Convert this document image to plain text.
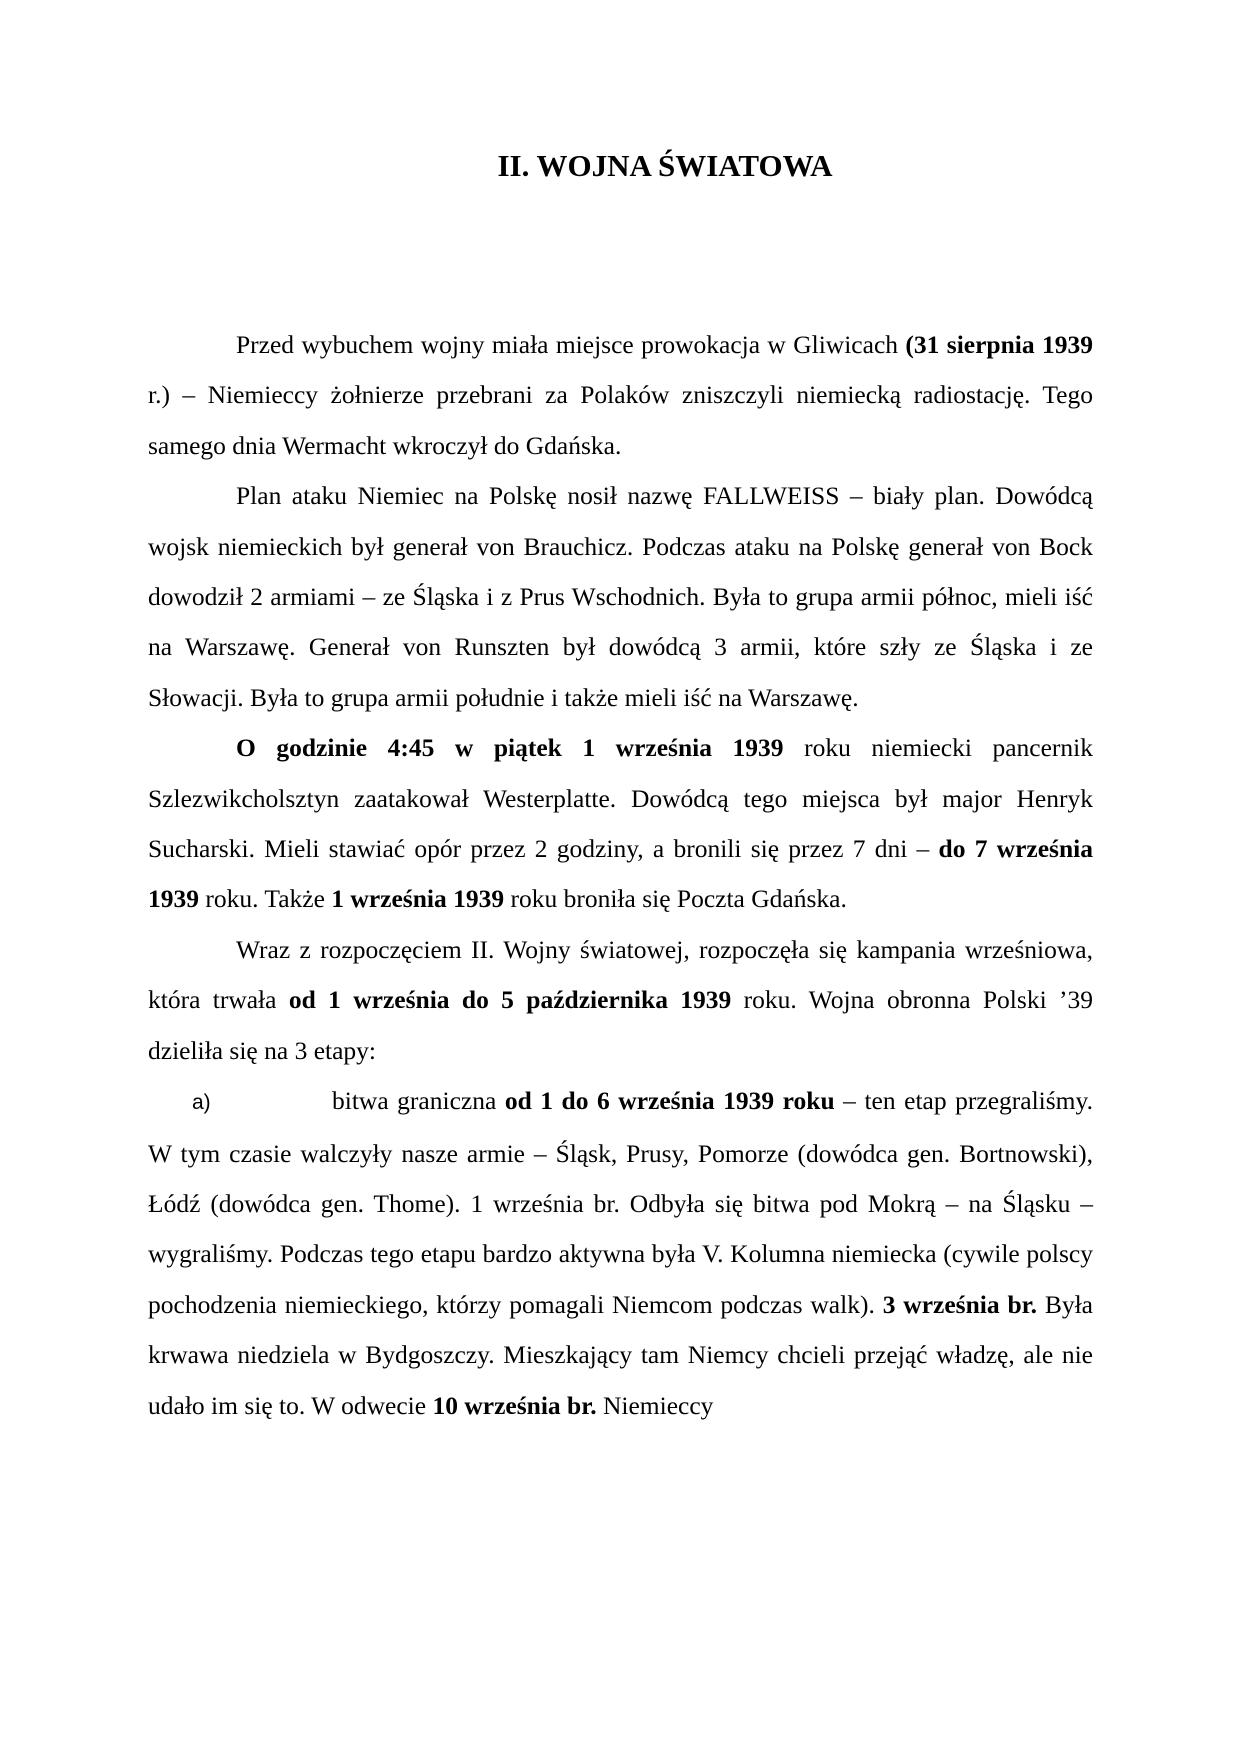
II. WOJNA ŚWIATOWA

Przed wybuchem wojny miała miejsce prowokacja w Gliwicach (31 sierpnia 1939 r.) – Niemieccy żołnierze przebrani za Polaków zniszczyli niemiecką radiostację. Tego samego dnia Wermacht wkroczył do Gdańska.

Plan ataku Niemiec na Polskę nosił nazwę FALLWEISS – biały plan. Dowódcą wojsk niemieckich był generał von Brauchicz. Podczas ataku na Polskę generał von Bock dowodził 2 armiami – ze Śląska i z Prus Wschodnich. Była to grupa armii północ, mieli iść na Warszawę. Generał von Runszten był dowódcą 3 armii, które szły ze Śląska i ze Słowacji. Była to grupa armii południe i także mieli iść na Warszawę.

O godzinie 4:45 w piątek 1 września 1939 roku niemiecki pancernik Szlezwikcholsztyn zaatakował Westerplatte. Dowódcą tego miejsca był major Henryk Sucharski. Mieli stawiać opór przez 2 godziny, a bronili się przez 7 dni – do 7 września 1939 roku. Także 1 września 1939 roku broniła się Poczta Gdańska.

Wraz z rozpoczęciem II. Wojny światowej, rozpoczęła się kampania wrześniowa, która trwała od 1 września do 5 października 1939 roku. Wojna obronna Polski ’39 dzieliła się na 3 etapy:

a)	bitwa graniczna od 1 do 6 września 1939 roku – ten etap przegraliśmy. W tym czasie walczyły nasze armie – Śląsk, Prusy, Pomorze (dowódca gen. Bortnowski), Łódź (dowódca gen. Thome). 1 września br. Odbyła się bitwa pod Mokrą – na Śląsku – wygraliśmy. Podczas tego etapu bardzo aktywna była V. Kolumna niemiecka (cywile polscy pochodzenia niemieckiego, którzy pomagali Niemcom podczas walk). 3 września br. Była krwawa niedziela w Bydgoszczy. Mieszkający tam Niemcy chcieli przejąć władzę, ale nie udało im się to. W odwecie 10 września br. Niemieccy
